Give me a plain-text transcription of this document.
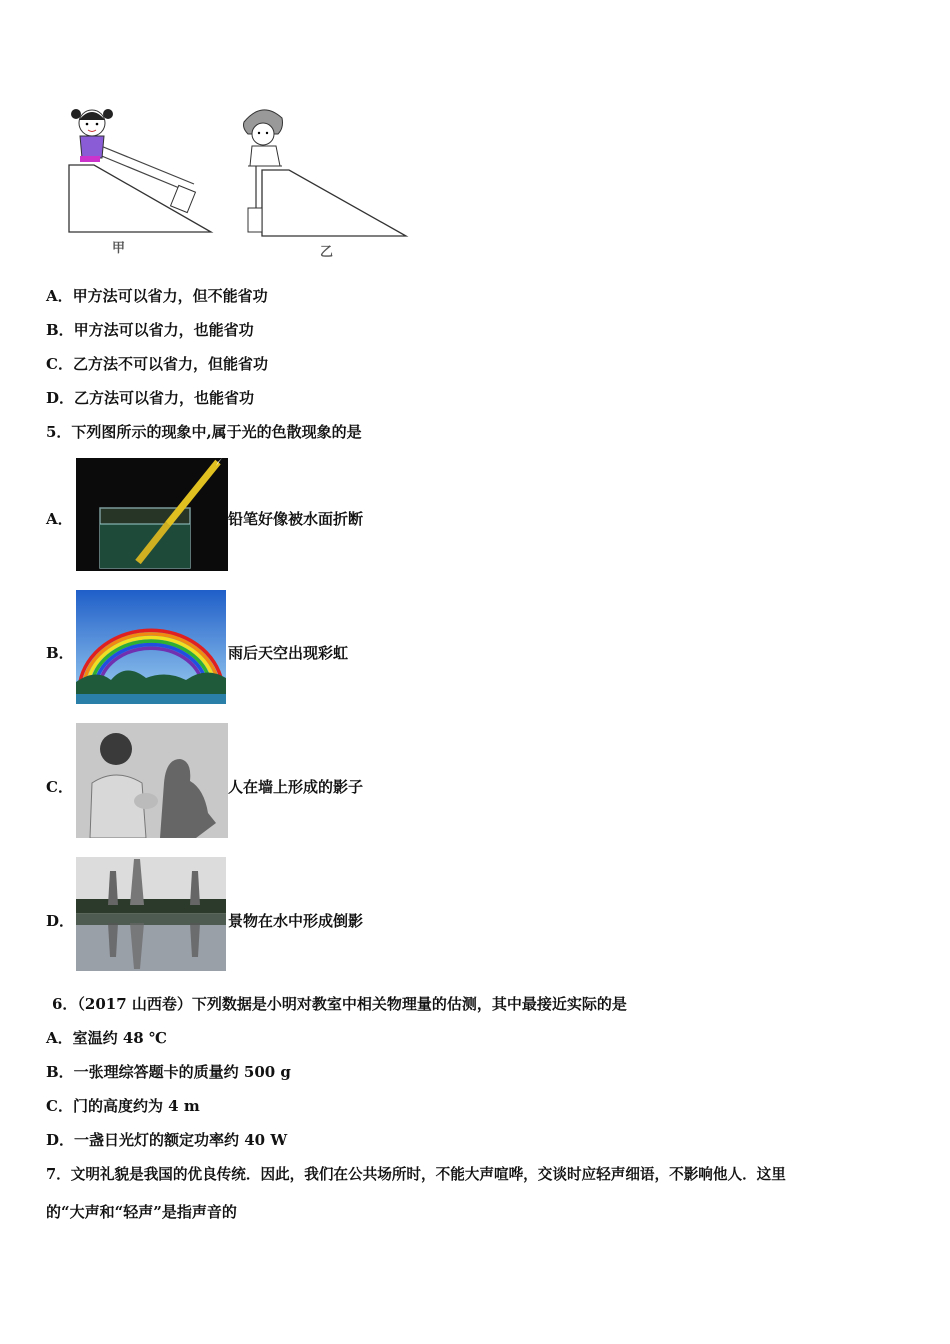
甲	乙
A．甲方法可以省力，但不能省功
B．甲方法可以省力，也能省功
C．乙方法不可以省力，但能省功
D．乙方法可以省力，也能省功
5．下列图所示的现象中,属于光的色散现象的是
A．	铅笔好像被水面折断
B．	雨后天空出现彩虹
C．	人在墙上形成的影子
D．	景物在水中形成倒影
6．（2017 山西卷）下列数据是小明对教室中相关物理量的估测，其中最接近实际的是
A．室温约 48 ℃
B．一张理综答题卡的质量约 500 g
C．门的高度约为 4 m
D．一盏日光灯的额定功率约 40 W
7．文明礼貌是我国的优良传统．因此，我们在公共场所时，不能大声喧哗，交谈时应轻声细语，不影响他人．这里
的“大声和“轻声”是指声音的
